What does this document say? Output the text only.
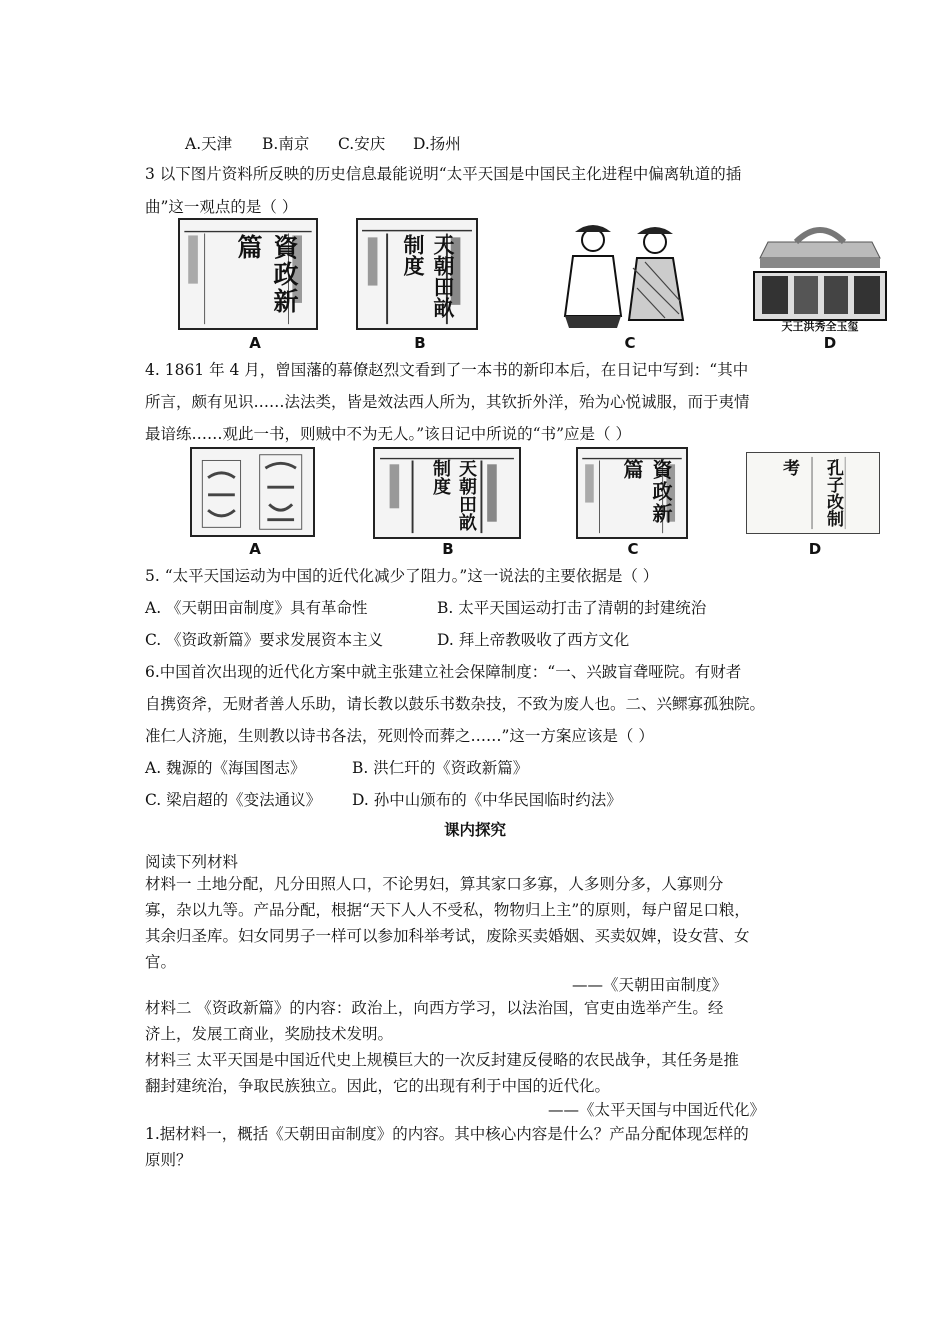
A.天津 B.南京 C.安庆 D.扬州
3 以下图片资料所反映的历史信息最能说明“太平天国是中国民主化进程中偏离轨道的插
曲”这一观点的是（ ）
資政新篇	天朝田畝制度
天王洪秀全玉玺
A	B	C	D
4. 1861 年 4 月，曾国藩的幕僚赵烈文看到了一本书的新印本后，在日记中写到：“其中
所言，颇有见识……法法类，皆是效法西人所为，其钦折外洋，殆为心悦诚服，而于夷情
最谙练……观此一书，则贼中不为无人。”该日记中所说的“书”应是（ ）
天朝田畝制度	資政新篇	孔子改制
考
A	B	C	D
5. “太平天国运动为中国的近代化减少了阻力。”这一说法的主要依据是（ ）
A. 《天朝田亩制度》具有革命性	B. 太平天国运动打击了清朝的封建统治
C. 《资政新篇》要求发展资本主义	D. 拜上帝教吸收了西方文化
6.中国首次出现的近代化方案中就主张建立社会保障制度：“一、兴跛盲聋哑院。有财者
自携资斧，无财者善人乐助，请长教以鼓乐书数杂技，不致为废人也。二、兴鳏寡孤独院。
准仁人济施，生则教以诗书各法，死则怜而葬之……”这一方案应该是（ ）
A. 魏源的《海国图志》	B. 洪仁玕的《资政新篇》
C. 梁启超的《变法通议》 D. 孙中山颁布的《中华民国临时约法》
课内探究
阅读下列材料
材料一 土地分配，凡分田照人口，不论男妇，算其家口多寡，人多则分多，人寡则分
寡，杂以九等。产品分配，根据“天下人人不受私，物物归上主”的原则，每户留足口粮，
其余归圣库。妇女同男子一样可以参加科举考试，废除买卖婚姻、买卖奴婢，设女营、女
官。
——《天朝田亩制度》
材料二 《资政新篇》的内容：政治上，向西方学习，以法治国，官吏由选举产生。经
济上，发展工商业，奖励技术发明。
材料三 太平天国是中国近代史上规模巨大的一次反封建反侵略的农民战争，其任务是推
翻封建统治，争取民族独立。因此，它的出现有利于中国的近代化。
——《太平天国与中国近代化》
1.据材料一，概括《天朝田亩制度》的内容。其中核心内容是什么？产品分配体现怎样的
原则？
